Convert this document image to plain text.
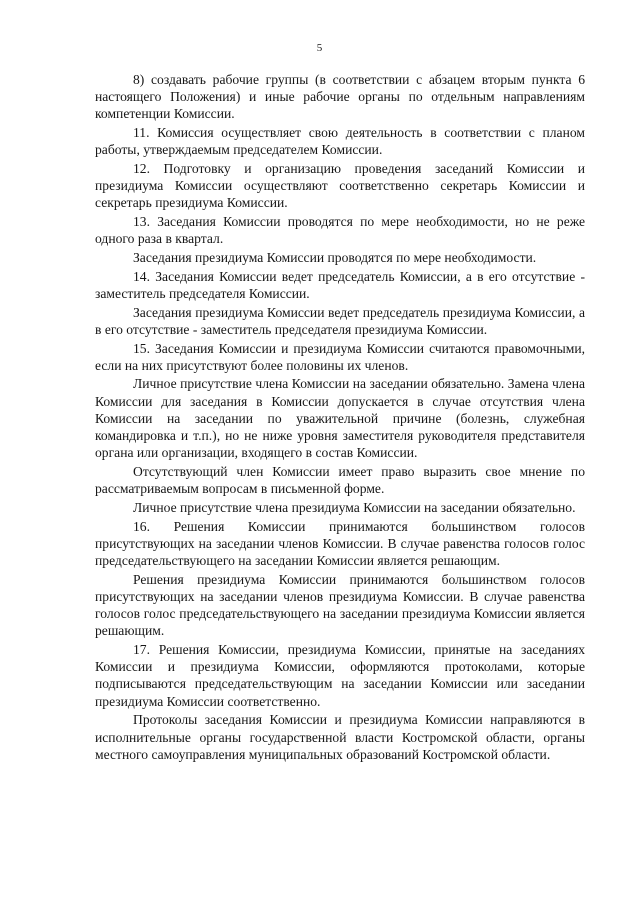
5

8) создавать рабочие группы (в соответствии с абзацем вторым пункта 6 настоящего Положения) и иные рабочие органы по отдельным направлениям компетенции Комиссии.

11. Комиссия осуществляет свою деятельность в соответствии с планом работы, утверждаемым председателем Комиссии.

12. Подготовку и организацию проведения заседаний Комиссии и президиума Комиссии осуществляют соответственно секретарь Комиссии и секретарь президиума Комиссии.

13. Заседания Комиссии проводятся по мере необходимости, но не реже одного раза в квартал.

Заседания президиума Комиссии проводятся по мере необходимости.

14. Заседания Комиссии ведет председатель Комиссии, а в его отсутствие - заместитель председателя Комиссии.

Заседания президиума Комиссии ведет председатель президиума Комиссии, а в его отсутствие - заместитель председателя президиума Комиссии.

15. Заседания Комиссии и президиума Комиссии считаются правомочными, если на них присутствуют более половины их членов.

Личное присутствие члена Комиссии на заседании обязательно. Замена члена Комиссии для заседания в Комиссии допускается в случае отсутствия члена Комиссии на заседании по уважительной причине (болезнь, служебная командировка и т.п.), но не ниже уровня заместителя руководителя представителя органа или организации, входящего в состав Комиссии.

Отсутствующий член Комиссии имеет право выразить свое мнение по рассматриваемым вопросам в письменной форме.

Личное присутствие члена президиума Комиссии на заседании обязательно.

16. Решения Комиссии принимаются большинством голосов присутствующих на заседании членов Комиссии. В случае равенства голосов голос председательствующего на заседании Комиссии является решающим.

Решения президиума Комиссии принимаются большинством голосов присутствующих на заседании членов президиума Комиссии. В случае равенства голосов голос председательствующего на заседании президиума Комиссии является решающим.

17. Решения Комиссии, президиума Комиссии, принятые на заседаниях Комиссии и президиума Комиссии, оформляются протоколами, которые подписываются председательствующим на заседании Комиссии или заседании президиума Комиссии соответственно.

Протоколы заседания Комиссии и президиума Комиссии направляются в исполнительные органы государственной власти Костромской области, органы местного самоуправления муниципальных образований Костромской области.
